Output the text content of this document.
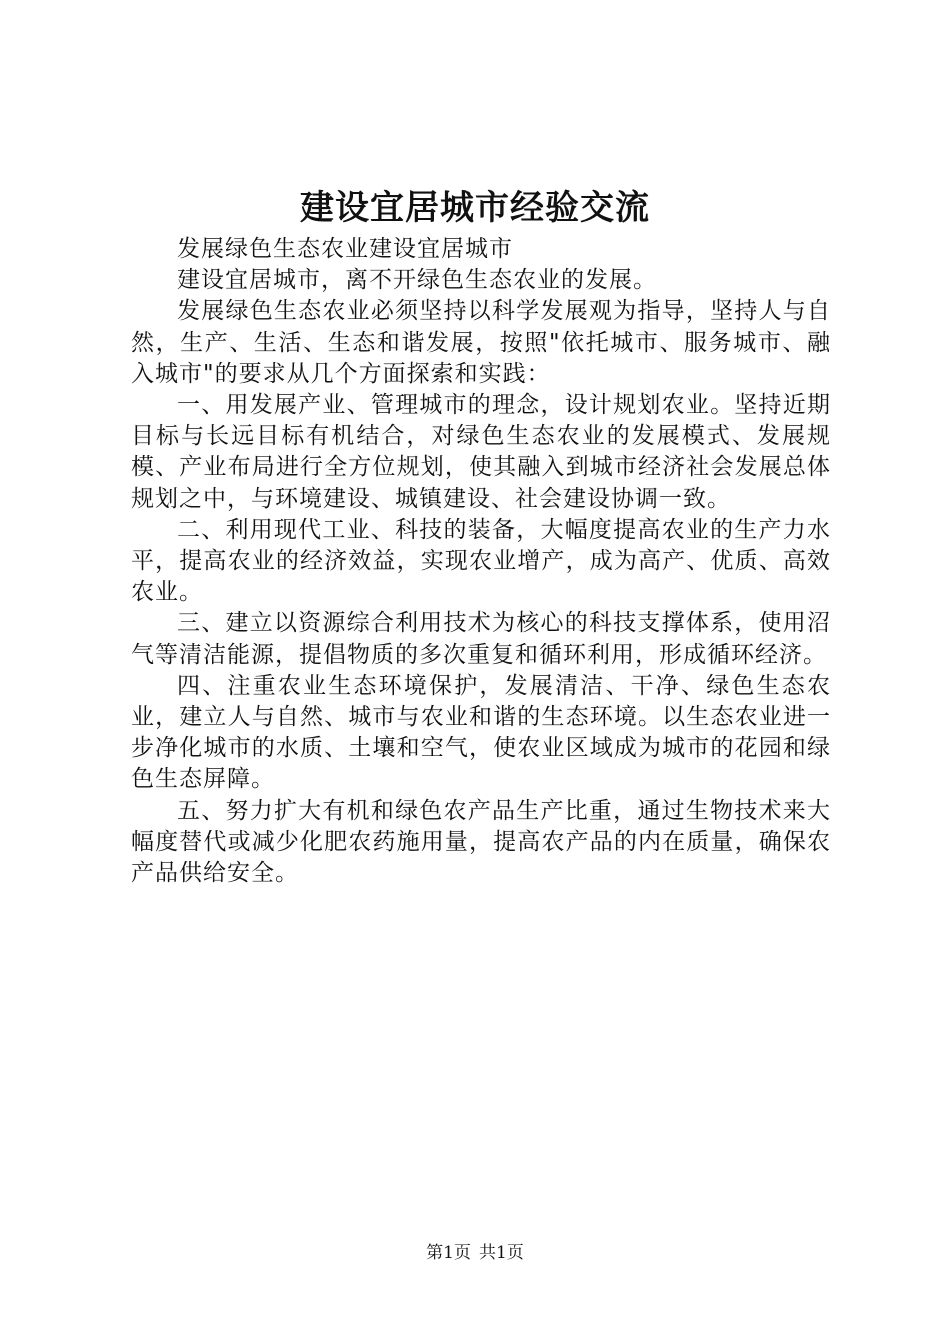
建设宜居城市经验交流

发展绿色生态农业建设宜居城市

建设宜居城市，离不开绿色生态农业的发展。

发展绿色生态农业必须坚持以科学发展观为指导，坚持人与自然，生产、生活、生态和谐发展，按照"依托城市、服务城市、融入城市"的要求从几个方面探索和实践：

一、用发展产业、管理城市的理念，设计规划农业。坚持近期目标与长远目标有机结合，对绿色生态农业的发展模式、发展规模、产业布局进行全方位规划，使其融入到城市经济社会发展总体规划之中，与环境建设、城镇建设、社会建设协调一致。

二、利用现代工业、科技的装备，大幅度提高农业的生产力水平，提高农业的经济效益，实现农业增产，成为高产、优质、高效农业。

三、建立以资源综合利用技术为核心的科技支撑体系，使用沼气等清洁能源，提倡物质的多次重复和循环利用，形成循环经济。

四、注重农业生态环境保护，发展清洁、干净、绿色生态农业，建立人与自然、城市与农业和谐的生态环境。以生态农业进一步净化城市的水质、土壤和空气，使农业区域成为城市的花园和绿色生态屏障。

五、努力扩大有机和绿色农产品生产比重，通过生物技术来大幅度替代或减少化肥农药施用量，提高农产品的内在质量，确保农产品供给安全。

第1页 共1页
